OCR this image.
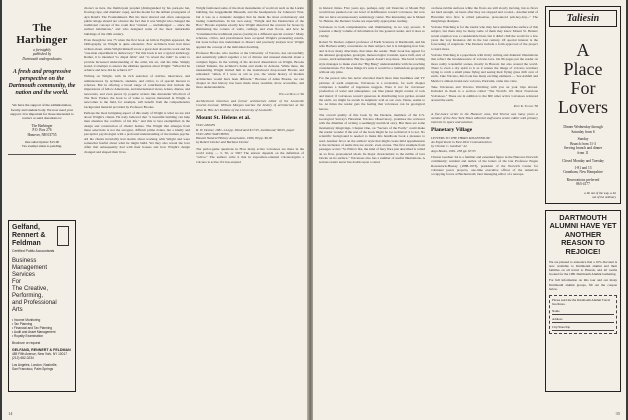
The Harbinger
a fortnightly
published by
Dartmouth undergraduates
A fresh and progressive perspective on the Dartmouth community, the nation and the world.
We have the support of the administration, faculty and student body. We now need your support. It is important for those interested to contact or send donations to:
The Harbinger
P.O. Box 276
Hanover, NH 03755
One subscription: $15.00
Tax exempt status is pending.
Gelfand,
Rennert &
Feldman
Certified Public Accountants
Business
Management
Services
For
The Creative,
Performing,
and Professional
Arts
• Income Monitoring
• Tax Planning
• Financial and Tax Planning
• Audit and Asset Management
• Royalty Examination
Brochure or request
GELFAND, RENNERT & FELDMAN
489 Fifth Avenue, New York, NY 10017
(212) 682-0234
Los Angeles, London, Nashville,
San Francisco, Palm Springs

chotect as hers, the flamboyant prophet (distinguished by his pork-pie hat, flowing cape, and dramatic cape), and the model for the defiant protagonist of Ayn Rand's The Fountainhead. But his most shrewd and often outrageous public image should not obscure the fact that it was Wright who changed the traditional concept of the room that "existed — unchallenged — since the earliest habitations," and who designed some of the most remarkable buildings of the 20th century.

Even though he was 75 when the first book on him in English appeared, the bibliography on Wright is quite extensive. Few architects have had more written about, while Wright himself wrote a great deal about his work and his "one-man experiment in democracy." Yet this book is not a typical anthology. Rather, it is intended "to dispel fable" and "to reveal the truth" in order to provide increased understanding of the artist, his art, and his time. Simply stated, it attempts to answer the ultimate question about Wright: "What did he achieve and how did he achieve it?"

Writing on Wright, with its rich selection of articles, interviews, and reminiscences by architects, students, and critics, is of special interest to scholars. But in offering a broad range of contributions that include the impressions of fellow Americans, and international views, letters, diaries, and newscasts, and even pieces by popular writers like Alexander Woollcott of The New Yorker, the book is of value to anyone interested in Wright. A newcomer to the field, for example, will benefit from the comprehensive background material provided by Professor Brooks.

Perhaps the most intriguing aspect of this study of Wright is what we are told about Wright's clients. He truly believed that "a beautiful building can help man abandon the conflicts of his life," and this is best exemplified in the design and construction of clients' homes. The Wright that emerges from these selections is not the arrogant, difficult prima donna, but a kindly and perceptive psychologist with a profound understanding of the human psyche. All his clients invariably had doubts about working with Wright and were somewhat fearful about what he might build. Yet they also reveal the love affair that subsequently had with their houses and how Wright's design changed and shaped their lives.

Wright fashioned some of the most monuments of world art such as the Larkin building, the Guggenheim Museum, and the headquarters for Johnson's Wax, but it was as a domestic designer that he made his most evolutionary and lasting contributions. In his own essay, "Wright and the Destruction of the Box," Brooks explains exactly how Wright dissolved the concern for boxes by eliminating the corners of walls, ceilings, and even floors, and how he "transmuted the traditional pieces (rooms) in a different special context." Many scholars, critics, and practitioners have accepted Wright's pioneering results, but none before has undertaken to dissect and precisely analyze how Wright applied the concept of the individual dwelling.

Professor Brooks, who teaches at the University of Toronto, has successfully and sensitively pulled together a lot of diverse and unusual material about a complex figure. In the writing of his doctoral dissertation on Wright, Brooks visited Taliesin, the architect's home and studio in Arizona. While there, the unassuming Wright invited him to the leaderboard drop-tossed Brooks and remarked: "Allen, if I were as old as you, the whole history of modern architecture would have been different." Because of Allen Brooks, we can chapter in that history has been made more readable, more accessible, and more understandable.

William Morgan '66

Architectural historian and former architecture editor of the Louisville Courier-Journal, William Morgan teaches the history of architecture at the Allen R. Hite Art Institute of the University of Louisville.

Mount St. Helens et al.

VOLCANOES
R. W. Decker, 1981. 244 pp. Illustrated $17.95, hardbound; $8.95, paper
VOLCANO WATCHING
Hawaii Natural History Association, 1980, 80 pp. $6.00
by Robert Decker and Barbara Decker

The parlor-game questions in How many active volcanoes are there in the world today — 5, 50, or 500? The answer depends on the definition of "active." The authors write it that in exposition-oriented volcanologists a volcano is active if it has erupted

14

in historic times. Five years ago, perhaps only old Vesuvius or Mount Fuji would have pushed over our level of indifference toward volcanoes, but now that we have an unnecessary seismology center. The interesting one is Mount St. Helens, the Deckers' books are especially appropriate reading.

Volcanoes is both comprehensive and illuminating, in no way prosaic. It presents a likely volume of information for the general reader, and it does so vividly.

Robert W. Decker, adjunct professor of Earth Sciences at Dartmouth, and his wife Barbara subtly concentrate on their subject, but it is intriguing how fast, and at how many directions, that takes the reader. Their book has appeal for the amateur geographer, geologist, meteorologist, botanist, space buff, and, of course, environmentalist. But the appeal doesn't stop there. The lucid writing style manages to make even the "Big Bang" understandable with far-reaching considerations. For those things it's said, it would be a tremendous geography without any plate.

For the person who has never absorbed much more than headlines and TV pictures of earth eruptions, Volcanoes is a revelation, for each chapter comprises a handful of ingenious nuggets. Were it not for volcanoes' production of water and atmosphere, our blue planet might consist of rock and metal; if volcanoes weren't generous in distributing iron pyrites around the earth, we might be awash in sulphuric acid as our own, Venus, seems to be. At times the reader gets the feeling that volcanoes can be geological heroes.

The overall quality of this book by the Deckers, members of the U.S. Geological Survey's Hawaiian Volcano Observatory, promises the reviewer with the dilemma of writing a seemingly uncritical story. But there are some momentary misgivings. Chapter One, on "Secrets of the Earth," could make the reader wonder if the rest of the book might be too technical: it is not. No scientific background is needed to make this handbook book a pleasure to read. Another favor on the authors' style that might create mild apprehension is the inclusion of terms that are exotic, even arcane. The first example from passages occurs "St. Elmo's fire, the kind of fiery flare just described is called an aa flow, pronounced ah-ah. Its major characteristic is the rubble of lava blocks on its surface." Volcanoes also has a number of useful illustrations. A serious reader never has doubts upon a stand.

on these rubble surfaces while the flows are still slowly moving, but as flows are hard enough, on bears after they are stopped and cooled... Another kind of Hawaiian lava flow is called pahoehoe, pronounced pah-hoy-hoy..." The misgivings dissipate.

Volcano Watching is for the tourist who may have skimmed the surface of this subject, but there may be many some of them may know Mount St. Helens' recent eruption was a considerable blast, but it didn't chill the world for a few years the way Krakatoa did in the last century. Of special interest is the forecasting of eruptions. The Deckers include a form approved of the project to learn more.

Volcano Watching is a paperback with lively writing and dramatic illustrations that reflect the incandescence of volcano lava. On 80 pages put the reader on more really wonderful scenes, mostly in Hawaii, but also around the world. There is even a dry spirit to it as it relates the image of volcano watchers trying to catch a small plane flying and seeing their flying grass drift over of earth. Like Volcano, this book has many exciting elements — Sea Ashfall and Mexico's almost-brand-new volcano, Paricutin, came into view.

Take Volcanoes and Volcano Watching with you on your trips abroad. Included in them is a section called "The World's 101 Most Notorious Volcanoes." These are in addition to the 600 other active volcanoes scattered around the earth.

Ruth K. Thorne '58

A free-lance writer in the Hanover area, Ted Thorne was many years a member of the New York Times editorial staff and a senior editor with primary interests in space and aviation.

Planetary Village

LETTERS TO THE THIRD MILLENNIUM:
An Experiment in East-West Communication
by Clinton C. Gardner '44
Argo Books, 1981. 258 pp. $7.95

Clinton Gardner '44 is a familiar and esteemed figure in the Hanover-Norwich community; resident and author of the letters of the late Professor Eugen Rosenstock-Huessy (1888-1973), president of the Norwich Center for volunteer peace projects, one-time executive officer of the American occupying forces at Buchenwald, later managing editor of a newspa-

Taliesin
A
Place
For
Lovers
Dinner Wednesday through
Saturday from 6
Sunday
Brunch from 11-3
Serving brunch and dinner
from 11
Closed Monday and Tuesday
1-81 and 13
Grantham, New Hampshire
Reservations preferred
863-4177
a bit out of the way, a lot
out of the ordinary
DARTMOUTH ALUMNI HAVE YET ANOTHER REASON TO REJOICE!
We are pleased to announce that a 10% discount is now available to Dartmouth alumni and their families on all travel to Hawaii, and all rooms booked for the 1981 Dartmouth Alumni Gathering.
For full information on this tour and our many Dartmouth alumni groups, fill out the coupon below.
Please send me the Dartmouth Alumni Travel brochures.
Name
Address
City/State/Zip
35
